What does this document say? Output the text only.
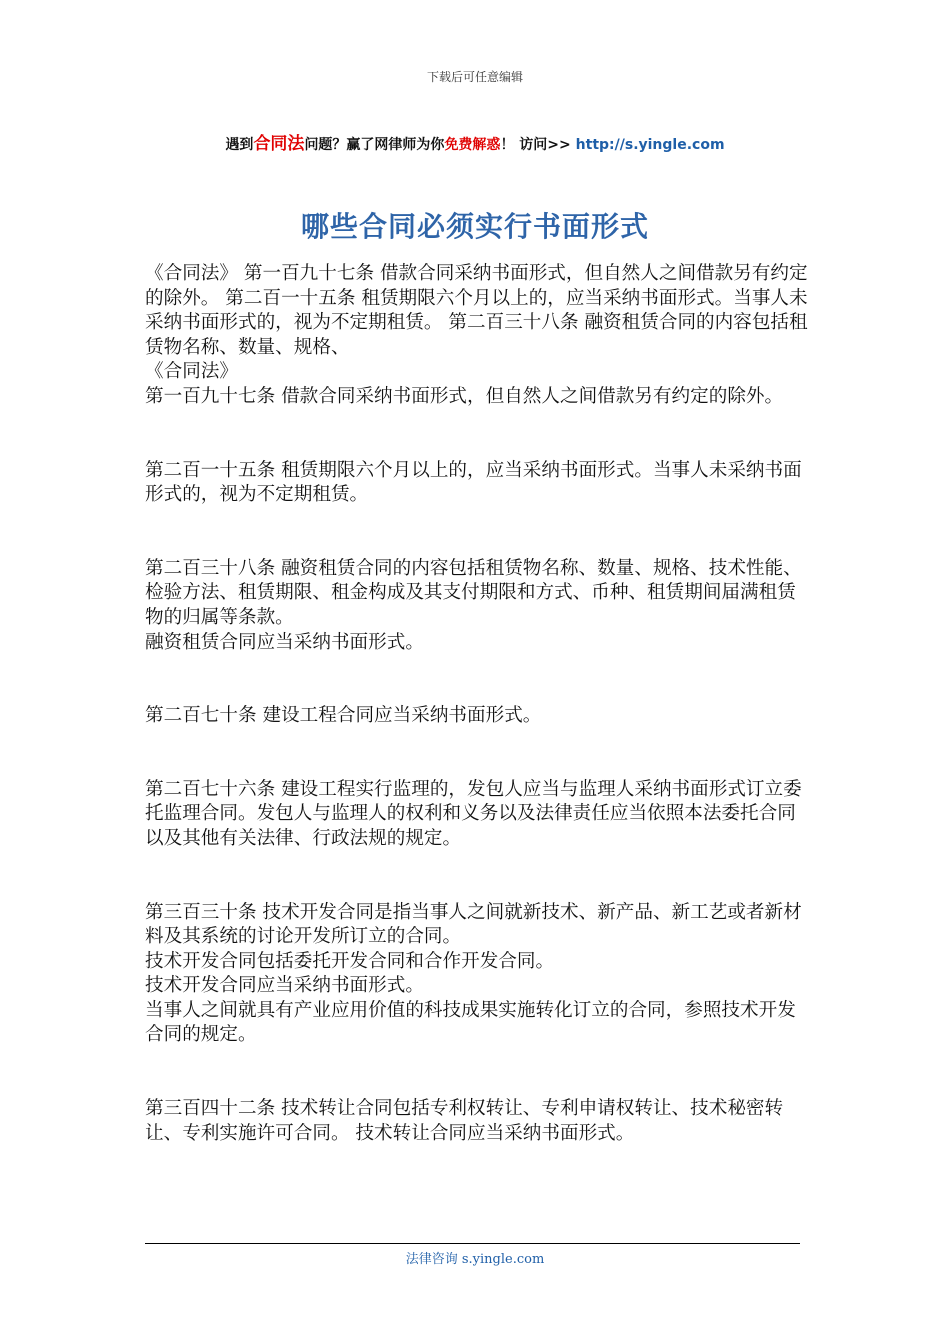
下载后可任意编辑
遇到合同法问题？赢了网律师为你免费解惑！ 访问>> http://s.yingle.com
哪些合同必须实行书面形式

《合同法》 第一百九十七条 借款合同采纳书面形式，但自然人之间借款另有约定的除外。 第二百一十五条 租赁期限六个月以上的，应当采纳书面形式。当事人未采纳书面形式的，视为不定期租赁。 第二百三十八条 融资租赁合同的内容包括租赁物名称、数量、规格、

《合同法》

第一百九十七条 借款合同采纳书面形式，但自然人之间借款另有约定的除外。

第二百一十五条 租赁期限六个月以上的，应当采纳书面形式。当事人未采纳书面形式的，视为不定期租赁。

第二百三十八条 融资租赁合同的内容包括租赁物名称、数量、规格、技术性能、检验方法、租赁期限、租金构成及其支付期限和方式、币种、租赁期间届满租赁物的归属等条款。

融资租赁合同应当采纳书面形式。

第二百七十条 建设工程合同应当采纳书面形式。

第二百七十六条 建设工程实行监理的，发包人应当与监理人采纳书面形式订立委托监理合同。发包人与监理人的权利和义务以及法律责任应当依照本法委托合同以及其他有关法律、行政法规的规定。

第三百三十条 技术开发合同是指当事人之间就新技术、新产品、新工艺或者新材料及其系统的讨论开发所订立的合同。

技术开发合同包括委托开发合同和合作开发合同。

技术开发合同应当采纳书面形式。

当事人之间就具有产业应用价值的科技成果实施转化订立的合同，参照技术开发合同的规定。

第三百四十二条 技术转让合同包括专利权转让、专利申请权转让、技术秘密转让、专利实施许可合同。 技术转让合同应当采纳书面形式。

法律咨询 s.yingle.com
